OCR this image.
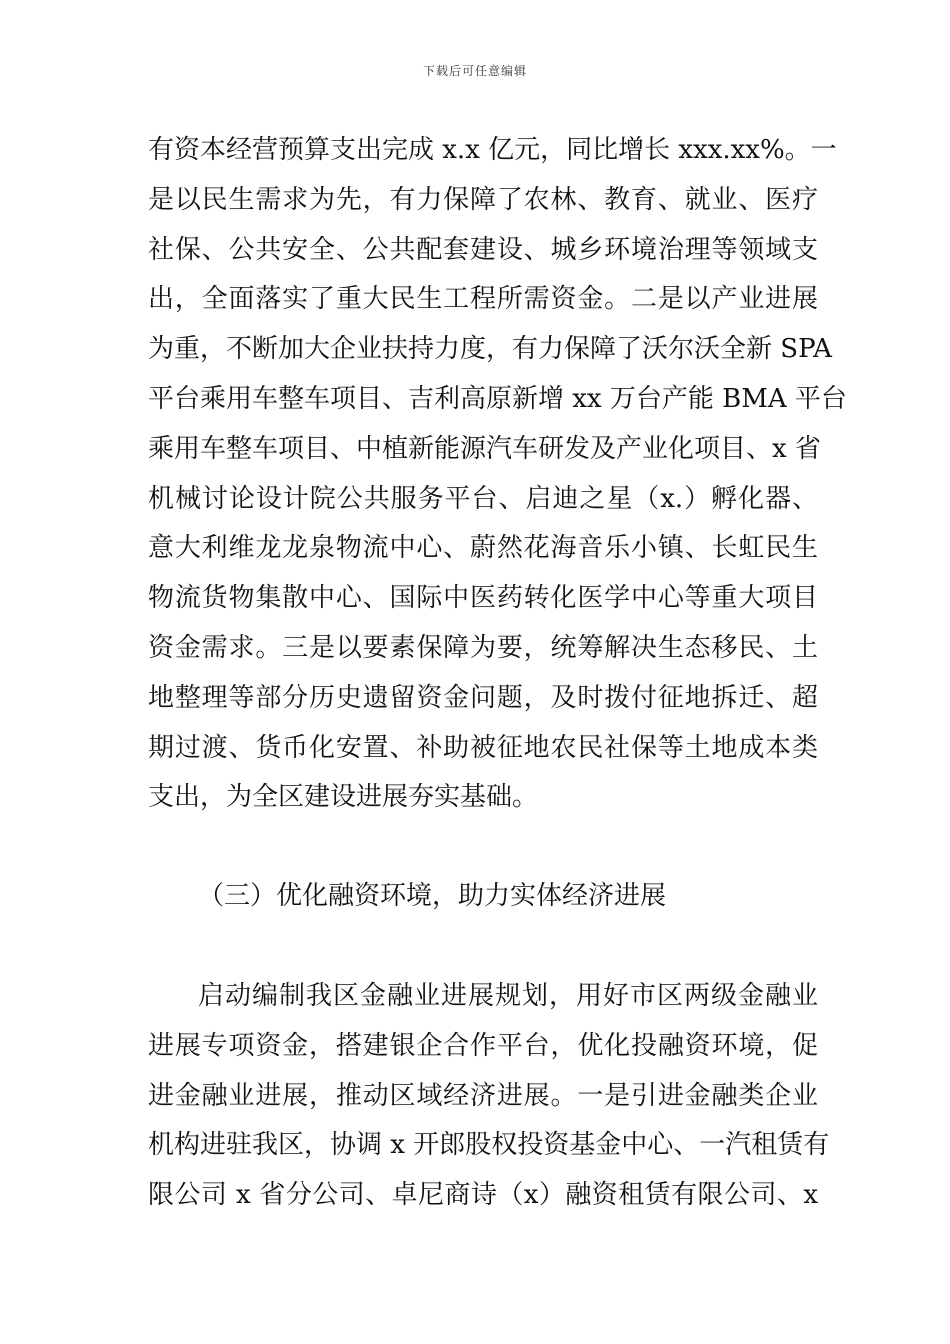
下载后可任意编辑
有资本经营预算支出完成 x.x 亿元，同比增长 xxx.xx%。一
是以民生需求为先，有力保障了农林、教育、就业、医疗
社保、公共安全、公共配套建设、城乡环境治理等领域支
出，全面落实了重大民生工程所需资金。二是以产业进展
为重，不断加大企业扶持力度，有力保障了沃尔沃全新 SPA
平台乘用车整车项目、吉利高原新增 xx 万台产能 BMA 平台
乘用车整车项目、中植新能源汽车研发及产业化项目、x 省
机械讨论设计院公共服务平台、启迪之星（x.）孵化器、
意大利维龙龙泉物流中心、蔚然花海音乐小镇、长虹民生
物流货物集散中心、国际中医药转化医学中心等重大项目
资金需求。三是以要素保障为要，统筹解决生态移民、土
地整理等部分历史遗留资金问题，及时拨付征地拆迁、超
期过渡、货币化安置、补助被征地农民社保等土地成本类
支出，为全区建设进展夯实基础。
（三）优化融资环境，助力实体经济进展
启动编制我区金融业进展规划，用好市区两级金融业
进展专项资金，搭建银企合作平台，优化投融资环境，促
进金融业进展，推动区域经济进展。一是引进金融类企业
机构进驻我区，协调 x 开郎股权投资基金中心、一汽租赁有
限公司 x 省分公司、卓尼商诗（x）融资租赁有限公司、x
